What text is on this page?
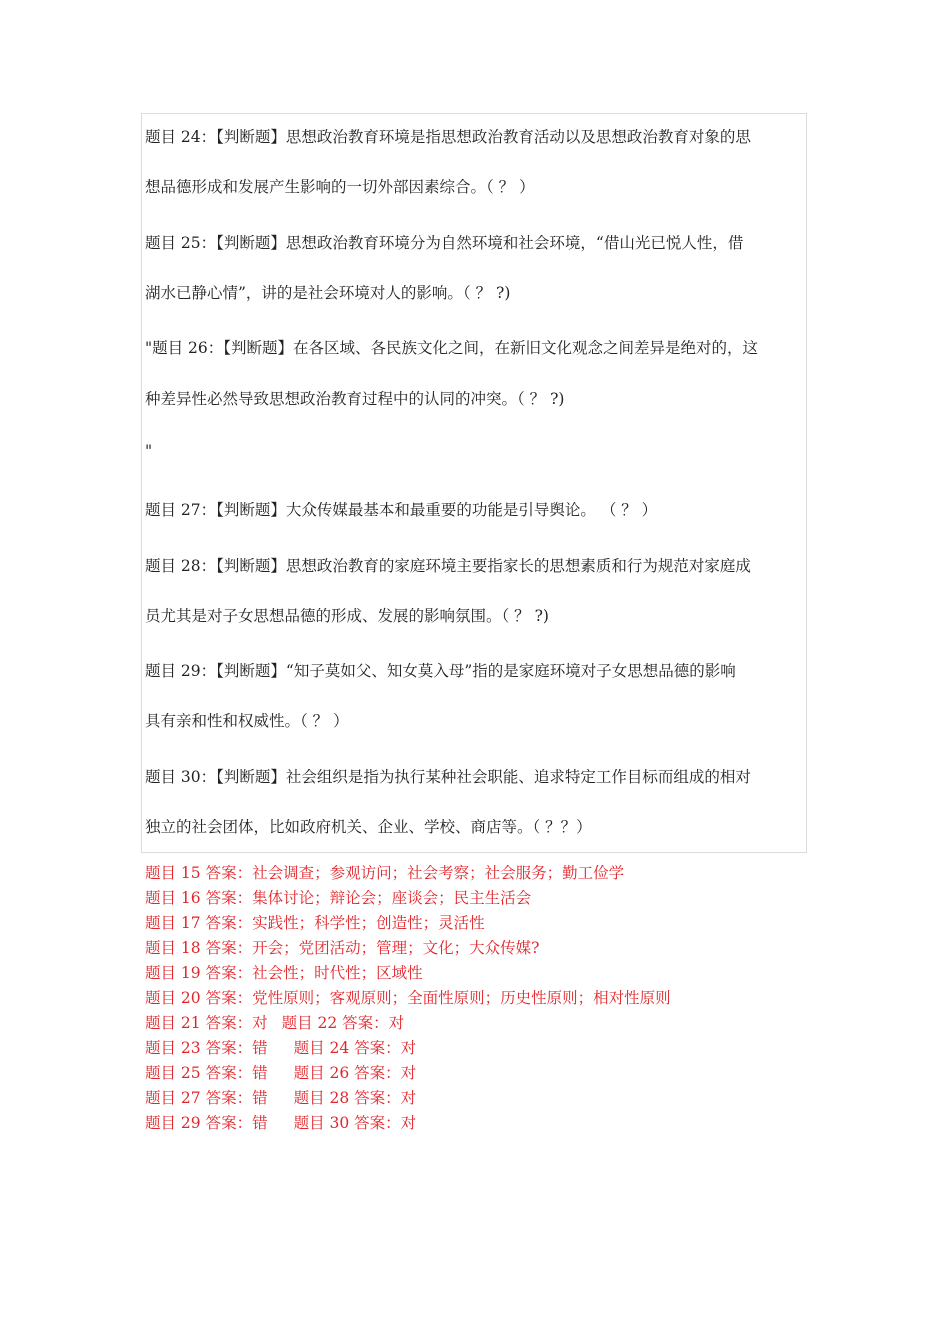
题目 24：【判断题】思想政治教育环境是指思想政治教育活动以及思想政治教育对象的思
想品德形成和发展产生影响的一切外部因素综合。（ ？ ）
题目 25：【判断题】思想政治教育环境分为自然环境和社会环境，“借山光已悦人性，借
湖水已静心情”，讲的是社会环境对人的影响。（ ？ ?)
"题目 26：【判断题】在各区域、各民族文化之间，在新旧文化观念之间差异是绝对的，这
种差异性必然导致思想政治教育过程中的认同的冲突。（ ？ ?)
"
题目 27：【判断题】大众传媒最基本和最重要的功能是引导舆论。 （ ？ ）
题目 28：【判断题】思想政治教育的家庭环境主要指家长的思想素质和行为规范对家庭成
员尤其是对子女思想品德的形成、发展的影响氛围。（ ？ ?)
题目 29：【判断题】“知子莫如父、知女莫入母”指的是家庭环境对子女思想品德的影响
具有亲和性和权威性。（ ？ ）
题目 30：【判断题】社会组织是指为执行某种社会职能、追求特定工作目标而组成的相对
独立的社会团体，比如政府机关、企业、学校、商店等。（ ？？）
题目 15 答案：社会调查；参观访问；社会考察；社会服务；勤工俭学
题目 16 答案：集体讨论；辩论会；座谈会；民主生活会
题目 17 答案：实践性；科学性；创造性；灵活性
题目 18 答案：开会；党团活动；管理；文化；大众传媒?
题目 19 答案：社会性；时代性；区域性
题目 20 答案：党性原则；客观原则；全面性原则；历史性原则；相对性原则
题目 21 答案：对 题目 22 答案：对
题目 23 答案：错 题目 24 答案：对
题目 25 答案：错 题目 26 答案：对
题目 27 答案：错 题目 28 答案：对
题目 29 答案：错 题目 30 答案：对
